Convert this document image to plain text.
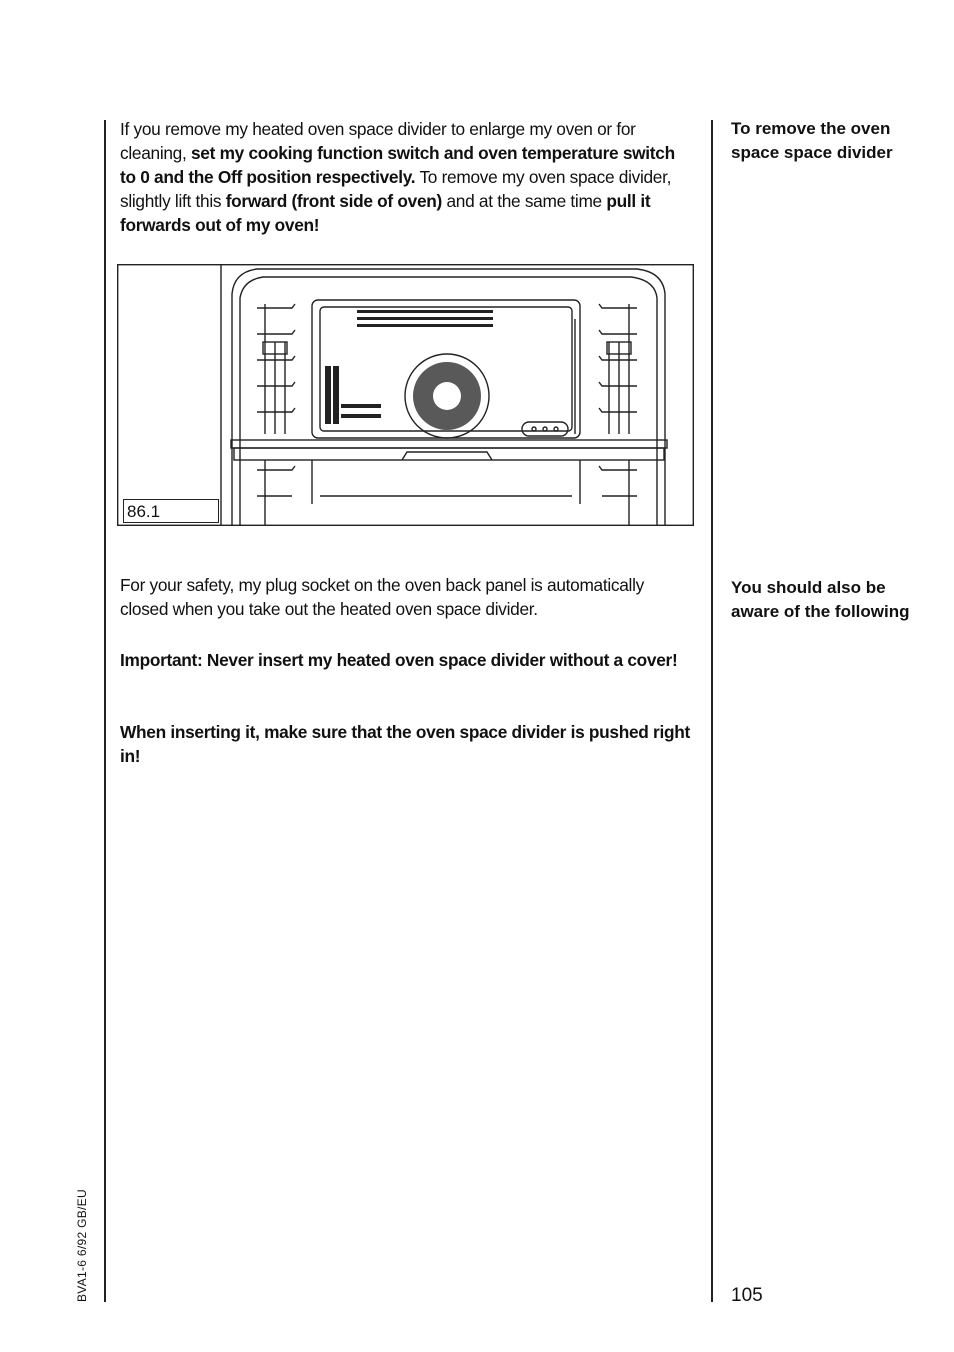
If you remove my heated oven space divider to enlarge my oven or for cleaning, set my cooking function switch and oven temperature switch to 0 and the Off position respectively. To remove my oven space divider, slightly lift this forward (front side of oven) and at the same time pull it forwards out of my oven!
To remove the oven space space divider
You should also be aware of the following
86.1
For your safety, my plug socket on the oven back panel is automatically closed when you take out the heated oven space divider.
Important: Never insert my heated oven space divider without a cover!
When inserting it, make sure that the oven space divider is pushed right in!
BVA1-6 6/92 GB/EU	105
